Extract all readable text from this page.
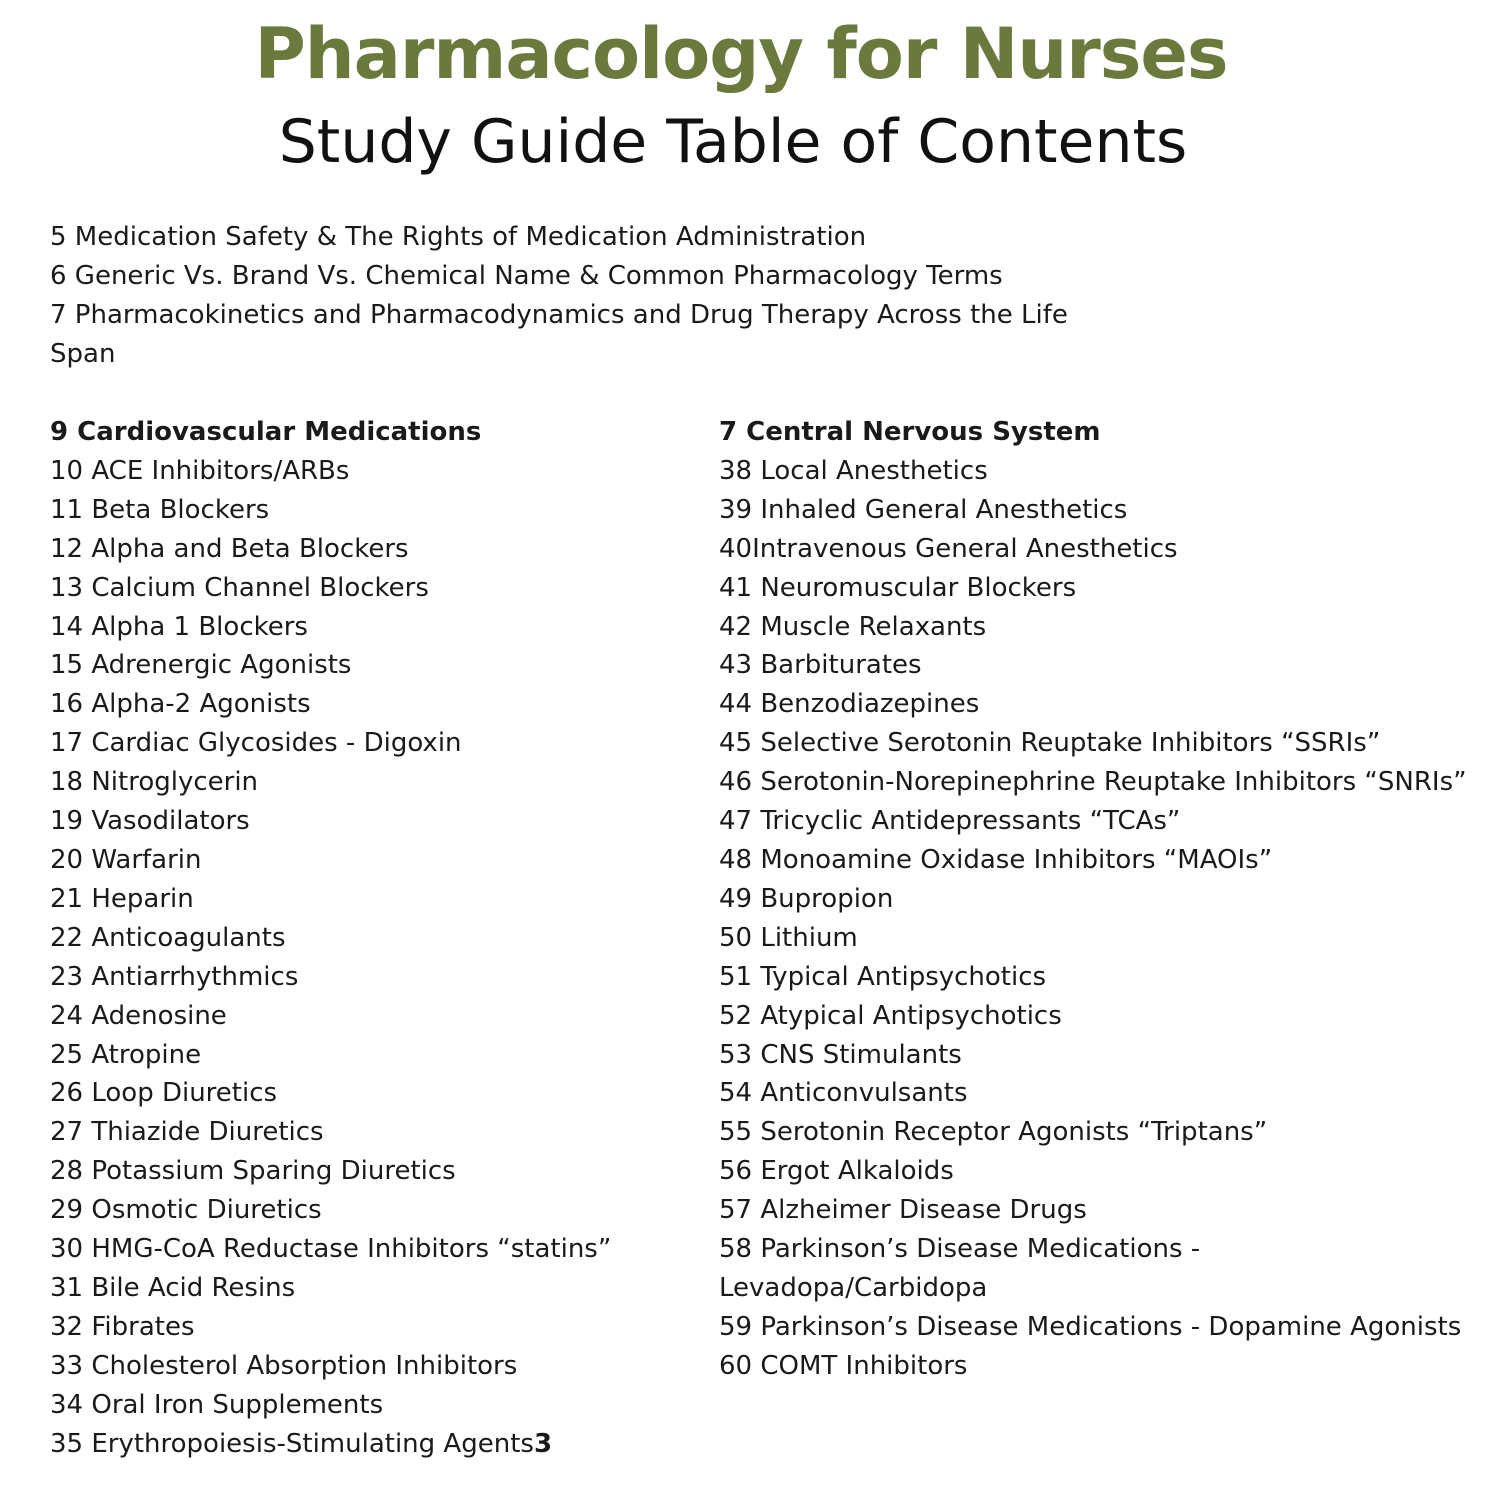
Pharmacology for Nurses
Study Guide Table of Contents
5 Medication Safety & The Rights of Medication Administration
6 Generic Vs. Brand Vs. Chemical Name & Common Pharmacology Terms
7 Pharmacokinetics and Pharmacodynamics and Drug Therapy Across the Life Span
9 Cardiovascular Medications
10 ACE Inhibitors/ARBs
11 Beta Blockers
12 Alpha and Beta Blockers
13 Calcium Channel Blockers
14 Alpha 1 Blockers
15 Adrenergic Agonists
16 Alpha-2 Agonists
17 Cardiac Glycosides - Digoxin
18 Nitroglycerin
19 Vasodilators
20 Warfarin
21 Heparin
22 Anticoagulants
23 Antiarrhythmics
24 Adenosine
25 Atropine
26 Loop Diuretics
27 Thiazide Diuretics
28 Potassium Sparing Diuretics
29 Osmotic Diuretics
30 HMG-CoA Reductase Inhibitors “statins”
31 Bile Acid Resins
32 Fibrates
33 Cholesterol Absorption Inhibitors
34 Oral Iron Supplements
35 Erythropoiesis-Stimulating Agents3
7 Central Nervous System
38 Local Anesthetics
39 Inhaled General Anesthetics
40Intravenous General Anesthetics
41 Neuromuscular Blockers
42 Muscle Relaxants
43 Barbiturates
44 Benzodiazepines
45 Selective Serotonin Reuptake Inhibitors “SSRIs”
46 Serotonin-Norepinephrine Reuptake Inhibitors “SNRIs”
47 Tricyclic Antidepressants “TCAs”
48 Monoamine Oxidase Inhibitors “MAOIs”
49 Bupropion
50 Lithium
51 Typical Antipsychotics
52 Atypical Antipsychotics
53 CNS Stimulants
54 Anticonvulsants
55 Serotonin Receptor Agonists “Triptans”
56 Ergot Alkaloids
57 Alzheimer Disease Drugs
58 Parkinson’s Disease Medications - Levadopa/Carbidopa
59 Parkinson’s Disease Medications - Dopamine Agonists
60 COMT Inhibitors
